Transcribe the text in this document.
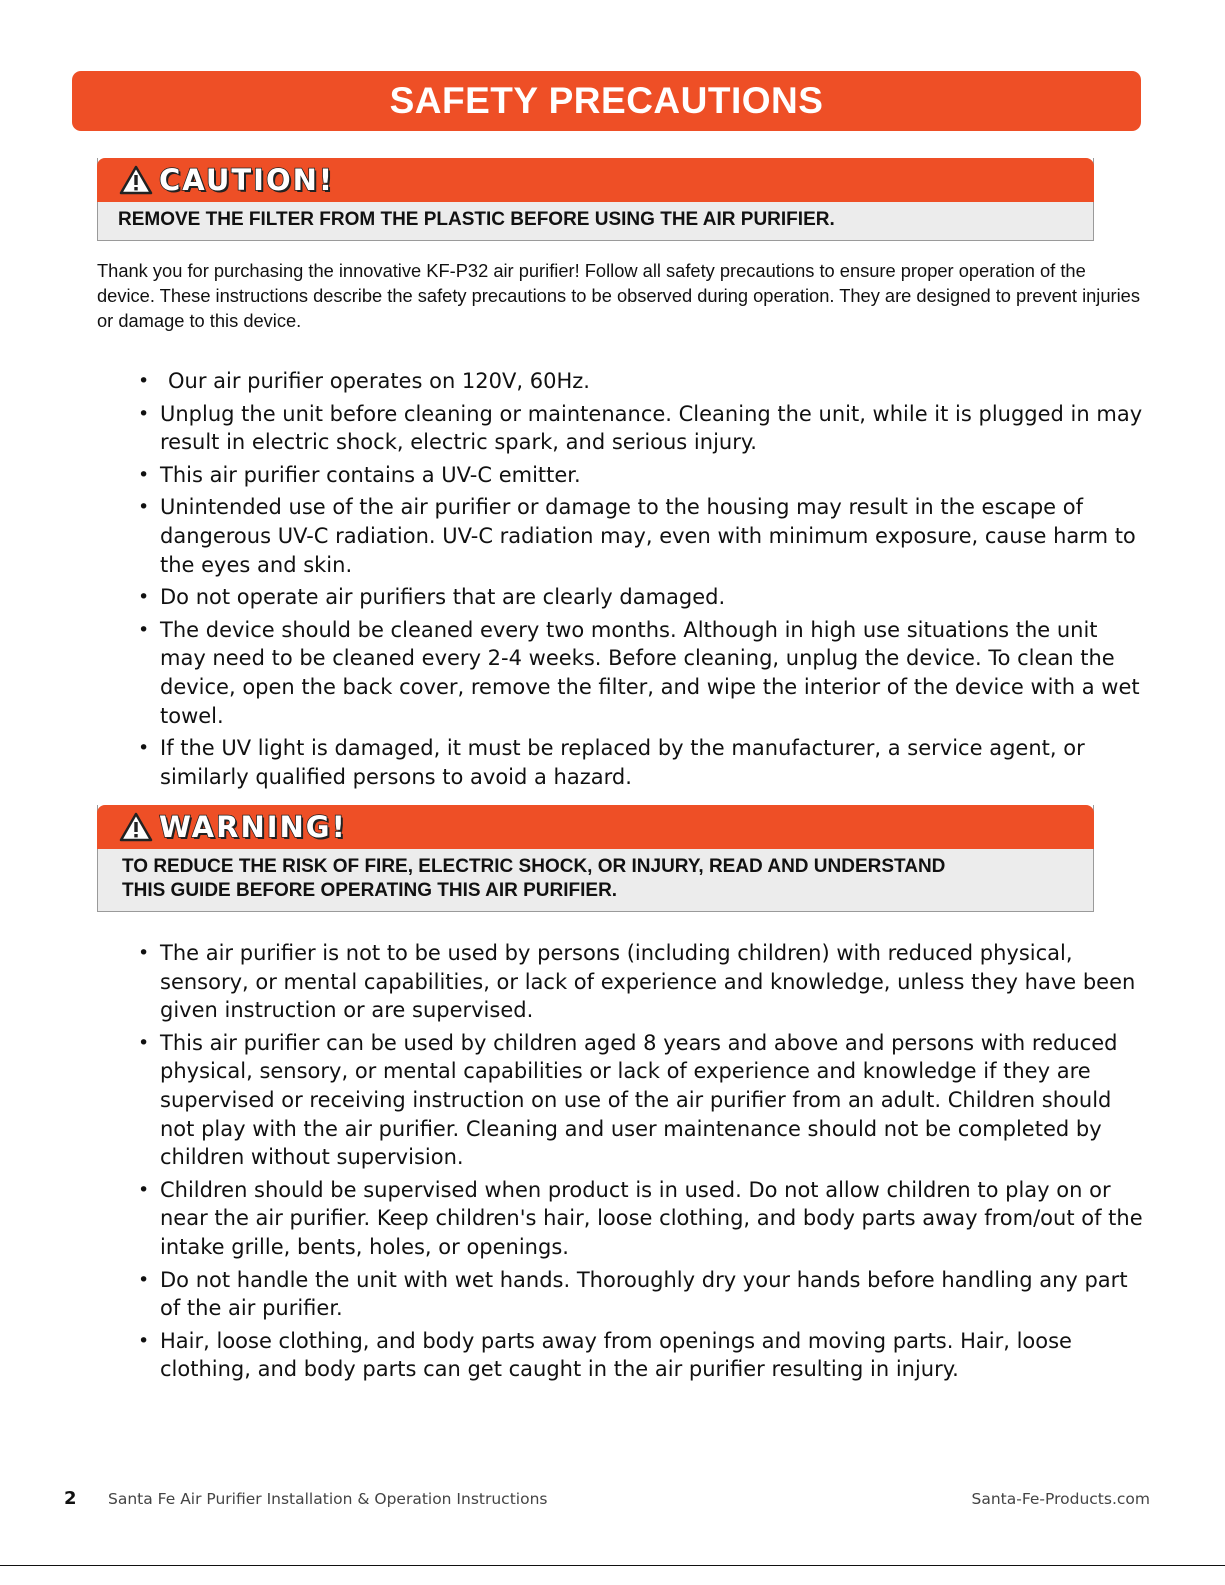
SAFETY PRECAUTIONS
CAUTION!
REMOVE THE FILTER FROM THE PLASTIC BEFORE USING THE AIR PURIFIER.

Thank you for purchasing the innovative KF-P32 air purifier! Follow all safety precautions to ensure proper operation of the device. These instructions describe the safety precautions to be observed during operation. They are designed to prevent injuries or damage to this device.

• Our air purifier operates on 120V, 60Hz.
• Unplug the unit before cleaning or maintenance. Cleaning the unit, while it is plugged in may result in electric shock, electric spark, and serious injury.
• This air purifier contains a UV-C emitter.
• Unintended use of the air purifier or damage to the housing may result in the escape of dangerous UV-C radiation. UV-C radiation may, even with minimum exposure, cause harm to the eyes and skin.
• Do not operate air purifiers that are clearly damaged.
• The device should be cleaned every two months. Although in high use situations the unit may need to be cleaned every 2-4 weeks. Before cleaning, unplug the device. To clean the device, open the back cover, remove the filter, and wipe the interior of the device with a wet towel.
• If the UV light is damaged, it must be replaced by the manufacturer, a service agent, or similarly qualified persons to avoid a hazard.
WARNING!
TO REDUCE THE RISK OF FIRE, ELECTRIC SHOCK, OR INJURY, READ AND UNDERSTAND
THIS GUIDE BEFORE OPERATING THIS AIR PURIFIER.
• The air purifier is not to be used by persons (including children) with reduced physical, sensory, or mental capabilities, or lack of experience and knowledge, unless they have been given instruction or are supervised.
• This air purifier can be used by children aged 8 years and above and persons with reduced physical, sensory, or mental capabilities or lack of experience and knowledge if they are supervised or receiving instruction on use of the air purifier from an adult. Children should not play with the air purifier. Cleaning and user maintenance should not be completed by children without supervision.
• Children should be supervised when product is in used. Do not allow children to play on or near the air purifier. Keep children's hair, loose clothing, and body parts away from/out of the intake grille, bents, holes, or openings.
• Do not handle the unit with wet hands. Thoroughly dry your hands before handling any part of the air purifier.
• Hair, loose clothing, and body parts away from openings and moving parts. Hair, loose clothing, and body parts can get caught in the air purifier resulting in injury.
2 Santa Fe Air Purifier Installation & Operation Instructions	Santa-Fe-Products.com
